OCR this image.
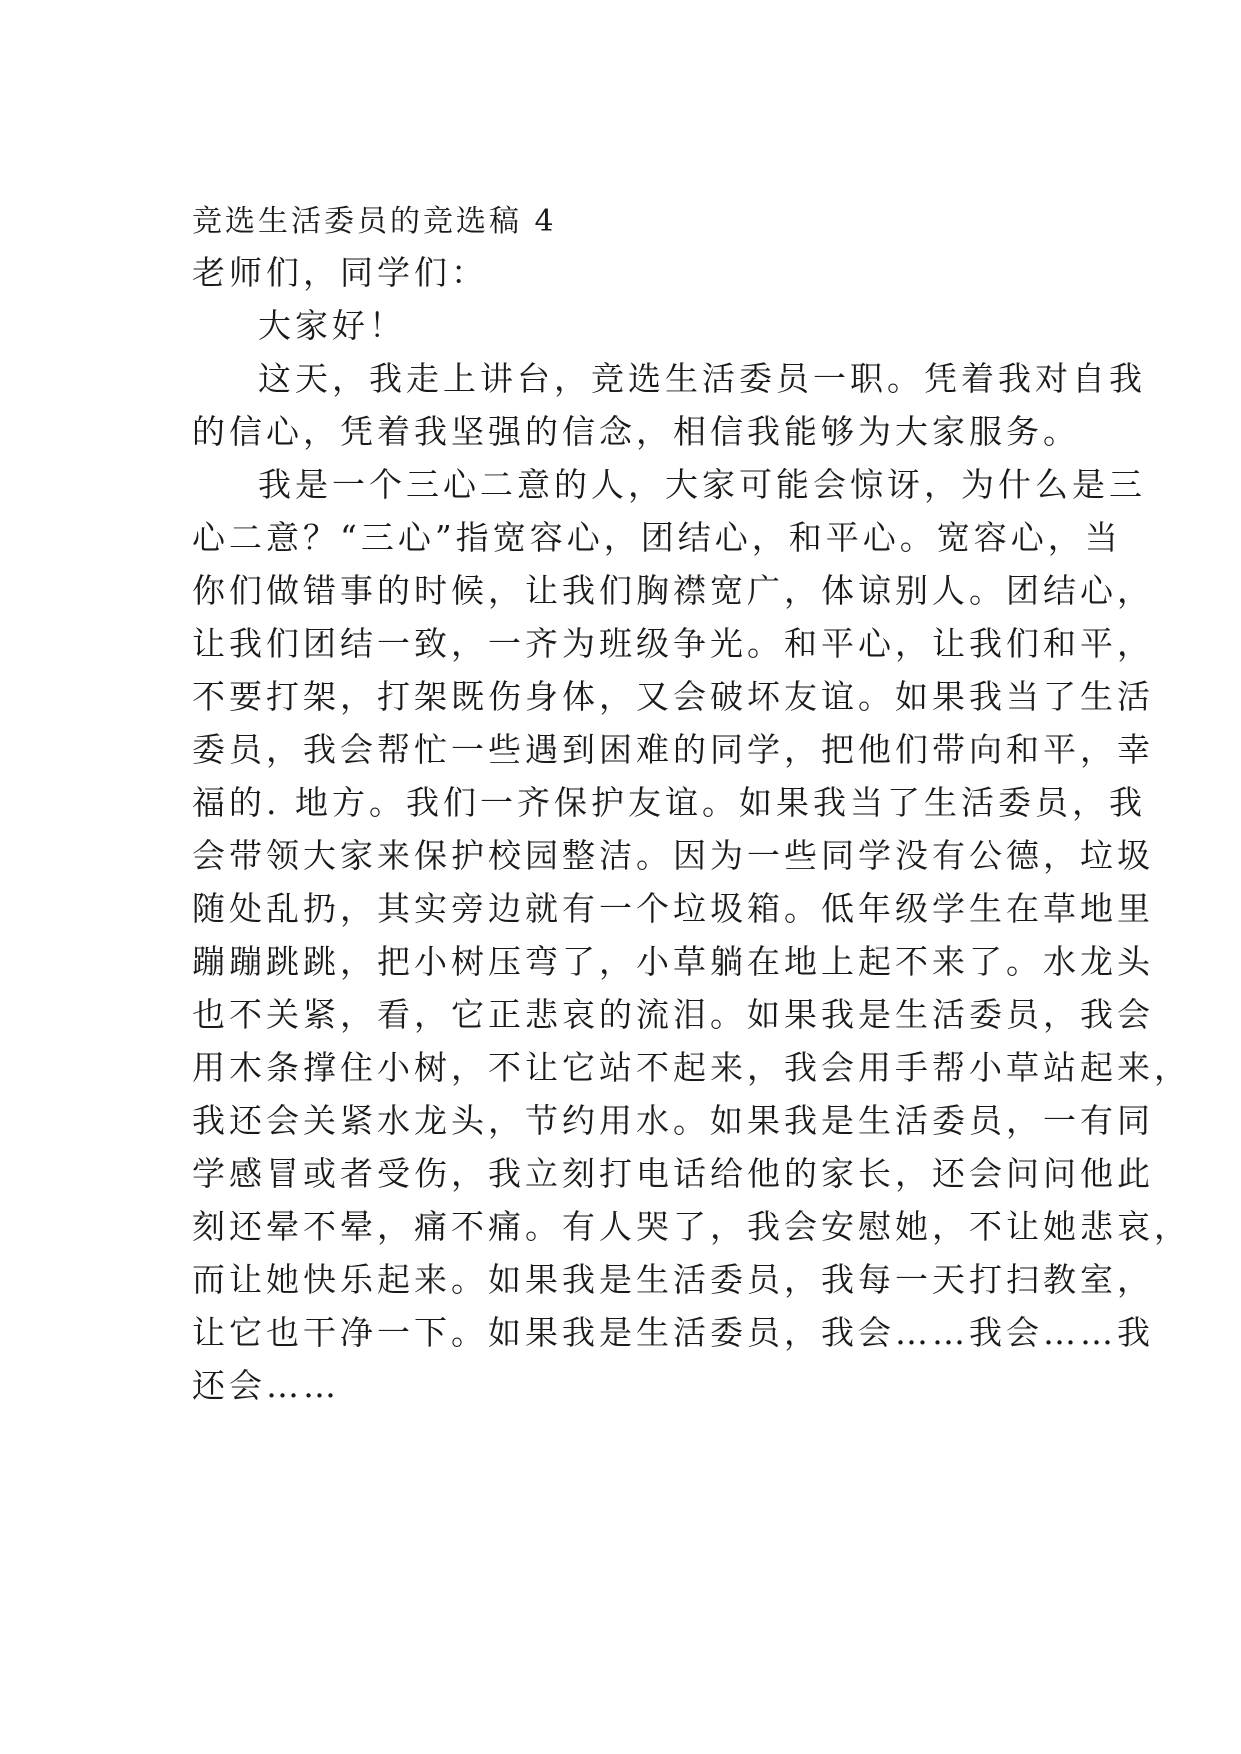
竞选生活委员的竞选稿 4
老师们，同学们：
大家好！
这天，我走上讲台，竞选生活委员一职。凭着我对自我
的信心，凭着我坚强的信念，相信我能够为大家服务。
我是一个三心二意的人，大家可能会惊讶，为什么是三
心二意？“三心”指宽容心，团结心，和平心。宽容心，当
你们做错事的时候，让我们胸襟宽广，体谅别人。团结心，
让我们团结一致，一齐为班级争光。和平心，让我们和平，
不要打架，打架既伤身体，又会破坏友谊。如果我当了生活
委员，我会帮忙一些遇到困难的同学，把他们带向和平，幸
福的. 地方。我们一齐保护友谊。如果我当了生活委员，我
会带领大家来保护校园整洁。因为一些同学没有公德，垃圾
随处乱扔，其实旁边就有一个垃圾箱。低年级学生在草地里
蹦蹦跳跳，把小树压弯了，小草躺在地上起不来了。水龙头
也不关紧，看，它正悲哀的流泪。如果我是生活委员，我会
用木条撑住小树，不让它站不起来，我会用手帮小草站起来，
我还会关紧水龙头，节约用水。如果我是生活委员，一有同
学感冒或者受伤，我立刻打电话给他的家长，还会问问他此
刻还晕不晕，痛不痛。有人哭了，我会安慰她，不让她悲哀，
而让她快乐起来。如果我是生活委员，我每一天打扫教室，
让它也干净一下。如果我是生活委员，我会……我会……我
还会……
